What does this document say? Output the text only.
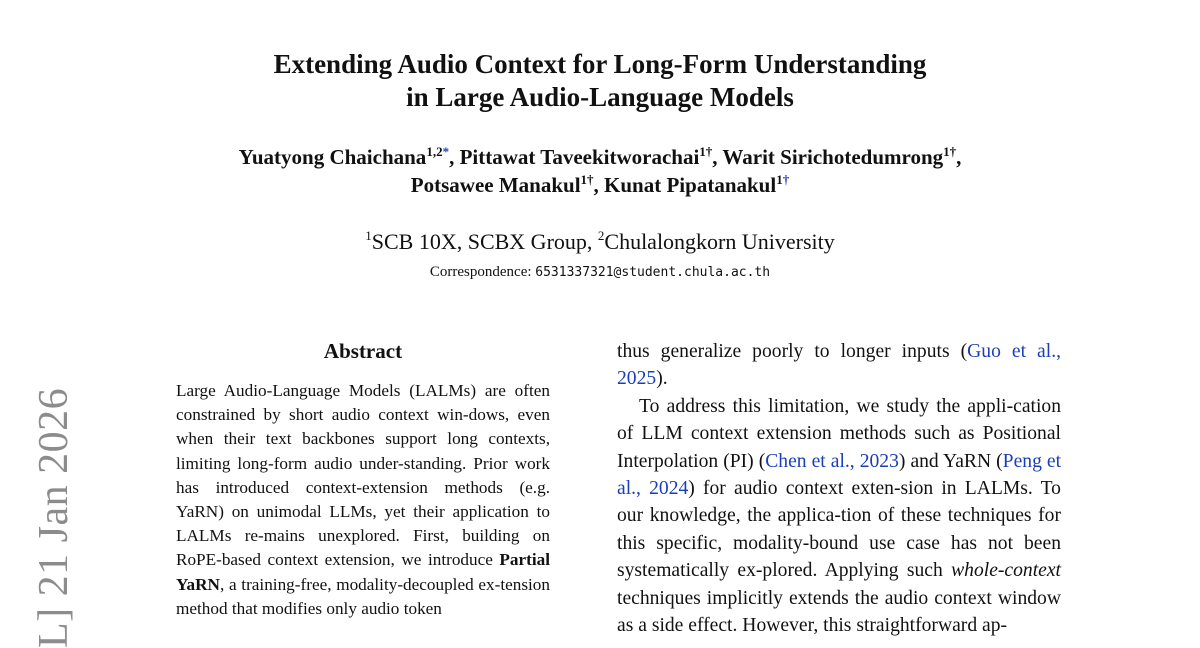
L] 21 Jan 2026
Extending Audio Context for Long-Form Understanding
in Large Audio-Language Models
Yuatyong Chaichana$^{1,2*}$, Pittawat Taveekitworachai$^{1\dagger}$, Warit Sirichotedumrong$^{1\dagger}$,
Potsawee Manakul$^{1\dagger}$, Kunat Pipatanakul$^{1\dagger}$
$^1$SCB 10X, SCBX Group, $^2$Chulalongkorn University
Correspondence: 6531337321@student.chula.ac.th
Abstract
Large Audio-Language Models (LALMs) are often constrained by short audio context win-dows, even when their text backbones support long contexts, limiting long-form audio under-standing. Prior work has introduced context-extension methods (e.g. YaRN) on unimodal LLMs, yet their application to LALMs re-mains unexplored. First, building on RoPE-based context extension, we introduce Partial YaRN, a training-free, modality-decoupled ex-tension method that modifies only audio token

thus generalize poorly to longer inputs (Guo et al., 2025).

To address this limitation, we study the appli-cation of LLM context extension methods such as Positional Interpolation (PI) (Chen et al., 2023) and YaRN (Peng et al., 2024) for audio context exten-sion in LALMs. To our knowledge, the applica-tion of these techniques for this specific, modality-bound use case has not been systematically ex-plored. Applying such whole-context techniques implicitly extends the audio context window as a side effect. However, this straightforward ap-
